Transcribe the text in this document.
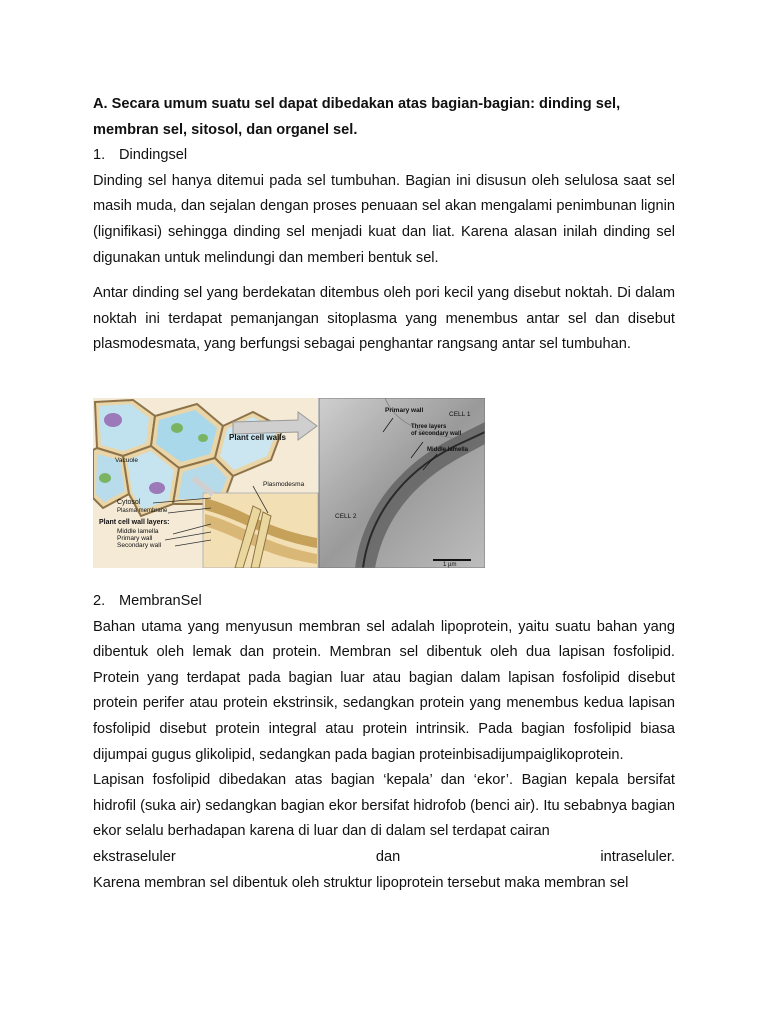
A. Secara umum suatu sel dapat dibedakan atas bagian-bagian: dinding sel,

membran sel, sitosol, dan organel sel.

1. Dindingsel

Dinding sel hanya ditemui pada sel tumbuhan. Bagian ini disusun oleh selulosa saat sel masih muda, dan sejalan dengan proses penuaan sel akan mengalami penimbunan lignin (lignifikasi) sehingga dinding sel menjadi kuat dan liat. Karena alasan inilah dinding sel digunakan untuk melindungi dan memberi bentuk sel.

Antar dinding sel yang berdekatan ditembus oleh pori kecil yang disebut noktah. Di dalam noktah ini terdapat pemanjangan sitoplasma yang menembus antar sel dan disebut plasmodesmata, yang berfungsi sebagai penghantar rangsang antar sel tumbuhan.

Plant cell walls
Vacuole
Plasmodesma
Cytosol
Plasma membrane
Plant cell wall layers:
Middle lamella
Primary wall
Secondary wall
Primary wall
CELL 1
Three layers
of secondary wall
Middle lamella
CELL 2
1 µm

2. MembranSel

Bahan utama yang menyusun membran sel adalah lipoprotein, yaitu suatu bahan yang dibentuk oleh lemak dan protein. Membran sel dibentuk oleh dua lapisan fosfolipid. Protein yang terdapat pada bagian luar atau bagian dalam lapisan fosfolipid disebut protein perifer atau protein ekstrinsik, sedangkan protein yang menembus kedua lapisan fosfolipid disebut protein integral atau protein intrinsik. Pada bagian fosfolipid biasa dijumpai gugus glikolipid, sedangkan pada bagian proteinbisadijumpaiglikoprotein.

Lapisan fosfolipid dibedakan atas bagian ‘kepala’ dan ‘ekor’. Bagian kepala bersifat hidrofil (suka air) sedangkan bagian ekor bersifat hidrofob (benci air). Itu sebabnya bagian ekor selalu berhadapan karena di luar dan di dalam sel terdapat cairan

ekstraseluler	dan	intraseluler.

Karena membran sel dibentuk oleh struktur lipoprotein tersebut maka membran sel
